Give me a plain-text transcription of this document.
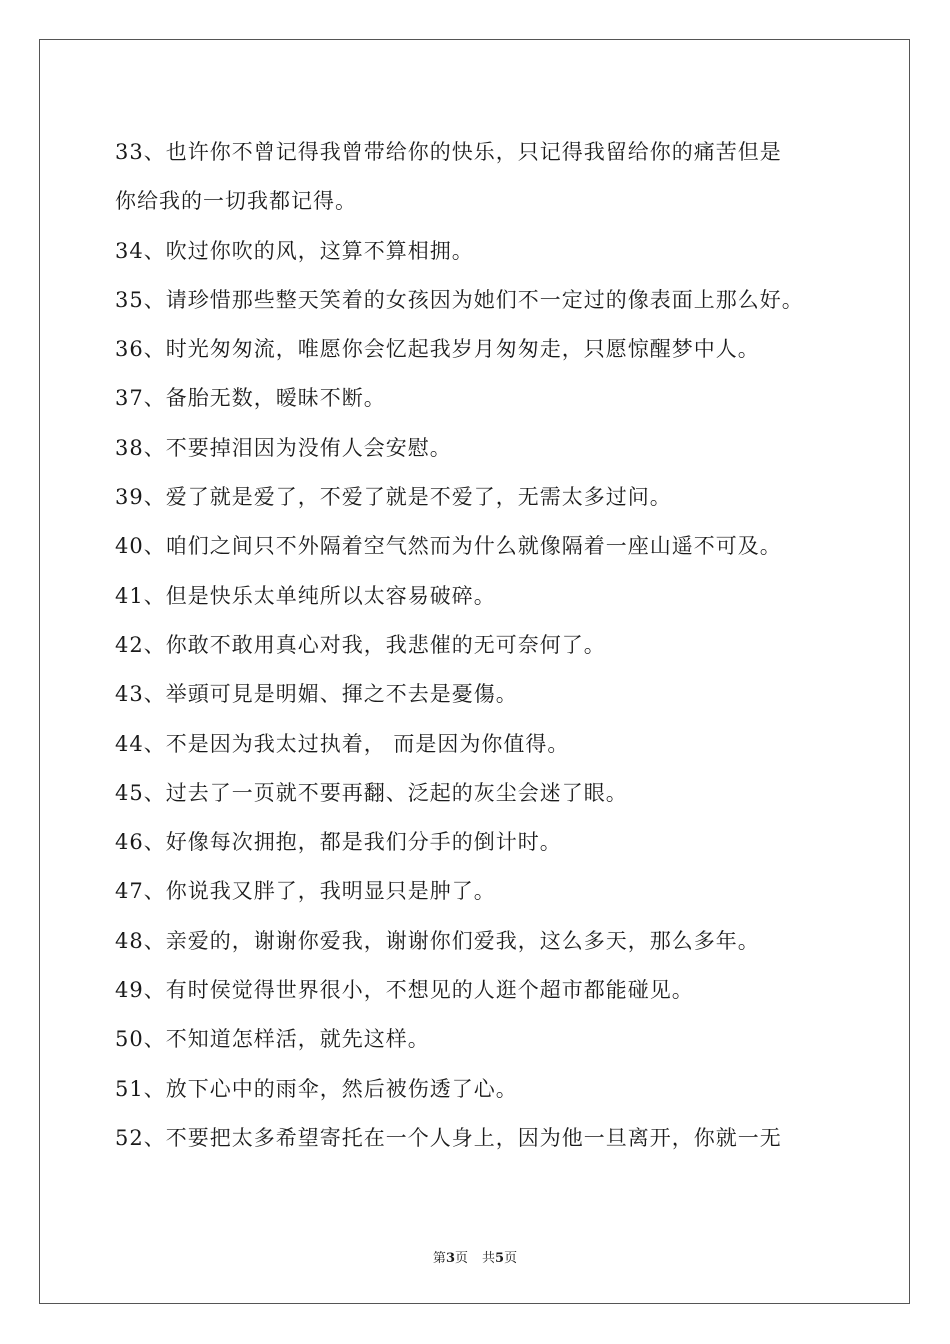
33、也许你不曾记得我曾带给你的快乐，只记得我留给你的痛苦但是
你给我的一切我都记得。
34、吹过你吹的风，这算不算相拥。
35、请珍惜那些整天笑着的女孩因为她们不一定过的像表面上那么好。
36、时光匆匆流，唯愿你会忆起我岁月匆匆走，只愿惊醒梦中人。
37、备胎无数，暧昧不断。
38、不要掉泪因为没侑人会安慰。
39、爱了就是爱了，不爱了就是不爱了，无需太多过问。
40、咱们之间只不外隔着空气然而为什么就像隔着一座山遥不可及。
41、但是快乐太单纯所以太容易破碎。
42、你敢不敢用真心对我，我悲催的无可奈何了。
43、举頭可見是明媚、揮之不去是憂傷。
44、不是因为我太过执着， 而是因为你值得。
45、过去了一页就不要再翻、泛起的灰尘会迷了眼。
46、好像每次拥抱，都是我们分手的倒计时。
47、你说我又胖了，我明显只是肿了。
48、亲爱的，谢谢你爱我，谢谢你们爱我，这么多天，那么多年。
49、有时侯觉得世界很小，不想见的人逛个超市都能碰见。
50、不知道怎样活，就先这样。
51、放下心中的雨伞，然后被伤透了心。
52、不要把太多希望寄托在一个人身上，因为他一旦离开，你就一无
第3页 共5页
